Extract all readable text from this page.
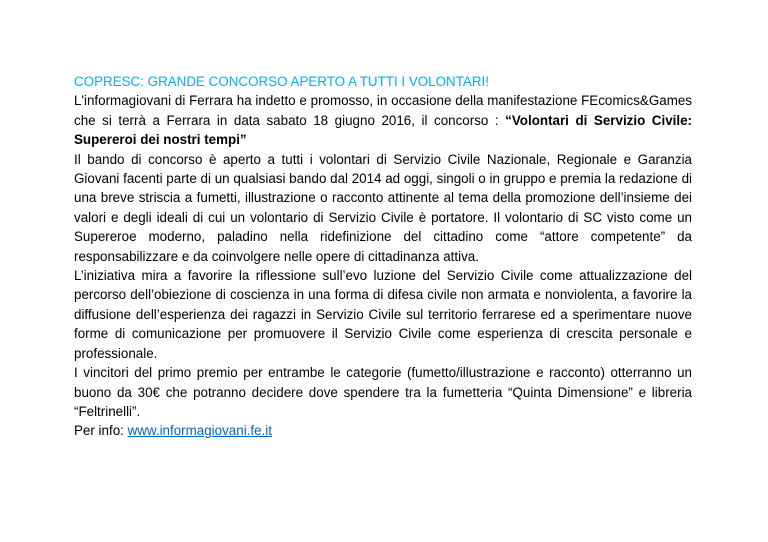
COPRESC: GRANDE CONCORSO APERTO A TUTTI I VOLONTARI!

L'informagiovani di Ferrara ha indetto e promosso, in occasione della manifestazione FEcomics&Games che si terrà a Ferrara in data sabato 18 giugno 2016, il concorso : “Volontari di Servizio Civile: Supereroi dei nostri tempi”

Il bando di concorso è aperto a tutti i volontari di Servizio Civile Nazionale, Regionale e Garanzia Giovani facenti parte di un qualsiasi bando dal 2014 ad oggi, singoli o in gruppo e premia la redazione di una breve striscia a fumetti, illustrazione o racconto attinente al tema della promozione dell’insieme dei valori e degli ideali di cui un volontario di Servizio Civile è portatore. Il volontario di SC visto come un Supereroe moderno, paladino nella ridefinizione del cittadino come “attore competente” da responsabilizzare e da coinvolgere nelle opere di cittadinanza attiva.

L’iniziativa mira a favorire la riflessione sull’evo luzione del Servizio Civile come attualizzazione del percorso dell’obiezione di coscienza in una forma di difesa civile non armata e nonviolenta, a favorire la diffusione dell’esperienza dei ragazzi in Servizio Civile sul territorio ferrarese ed a sperimentare nuove forme di comunicazione per promuovere il Servizio Civile come esperienza di crescita personale e professionale.

I vincitori del primo premio per entrambe le categorie (fumetto/illustrazione e racconto) otterranno un buono da 30€ che potranno decidere dove spendere tra la fumetteria “Quinta Dimensione” e libreria “Feltrinelli”.

Per info: www.informagiovani.fe.it
